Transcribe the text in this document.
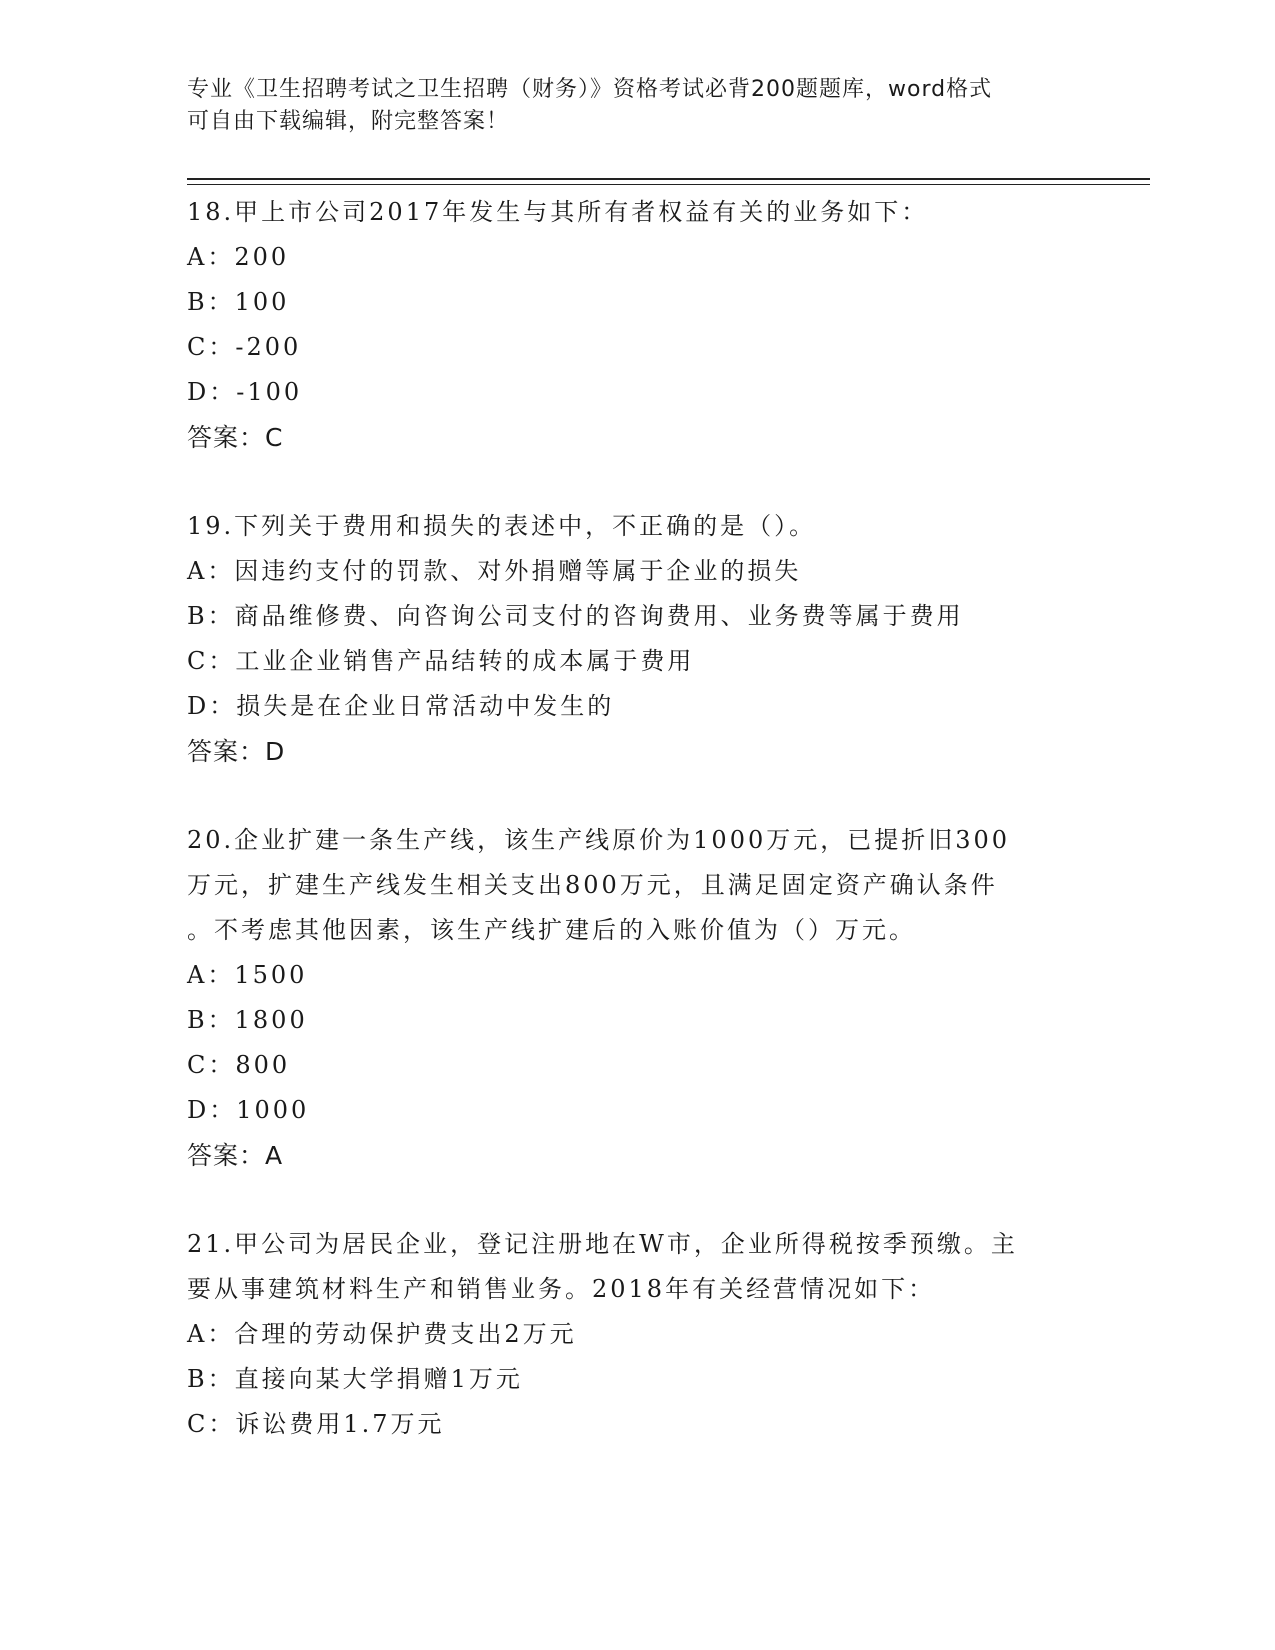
专业《卫生招聘考试之卫生招聘（财务）》资格考试必背200题题库，word格式
可自由下载编辑，附完整答案！
18.甲上市公司2017年发生与其所有者权益有关的业务如下：
A：200
B：100
C：-200
D：-100
答案：C
19.下列关于费用和损失的表述中，不正确的是（）。
A：因违约支付的罚款、对外捐赠等属于企业的损失
B：商品维修费、向咨询公司支付的咨询费用、业务费等属于费用
C：工业企业销售产品结转的成本属于费用
D：损失是在企业日常活动中发生的
答案：D
20.企业扩建一条生产线，该生产线原价为1000万元，已提折旧300
万元，扩建生产线发生相关支出800万元，且满足固定资产确认条件
。不考虑其他因素，该生产线扩建后的入账价值为（）万元。
A：1500
B：1800
C：800
D：1000
答案：A
21.甲公司为居民企业，登记注册地在W市，企业所得税按季预缴。主
要从事建筑材料生产和销售业务。2018年有关经营情况如下：
A：合理的劳动保护费支出2万元
B：直接向某大学捐赠1万元
C：诉讼费用1.7万元
